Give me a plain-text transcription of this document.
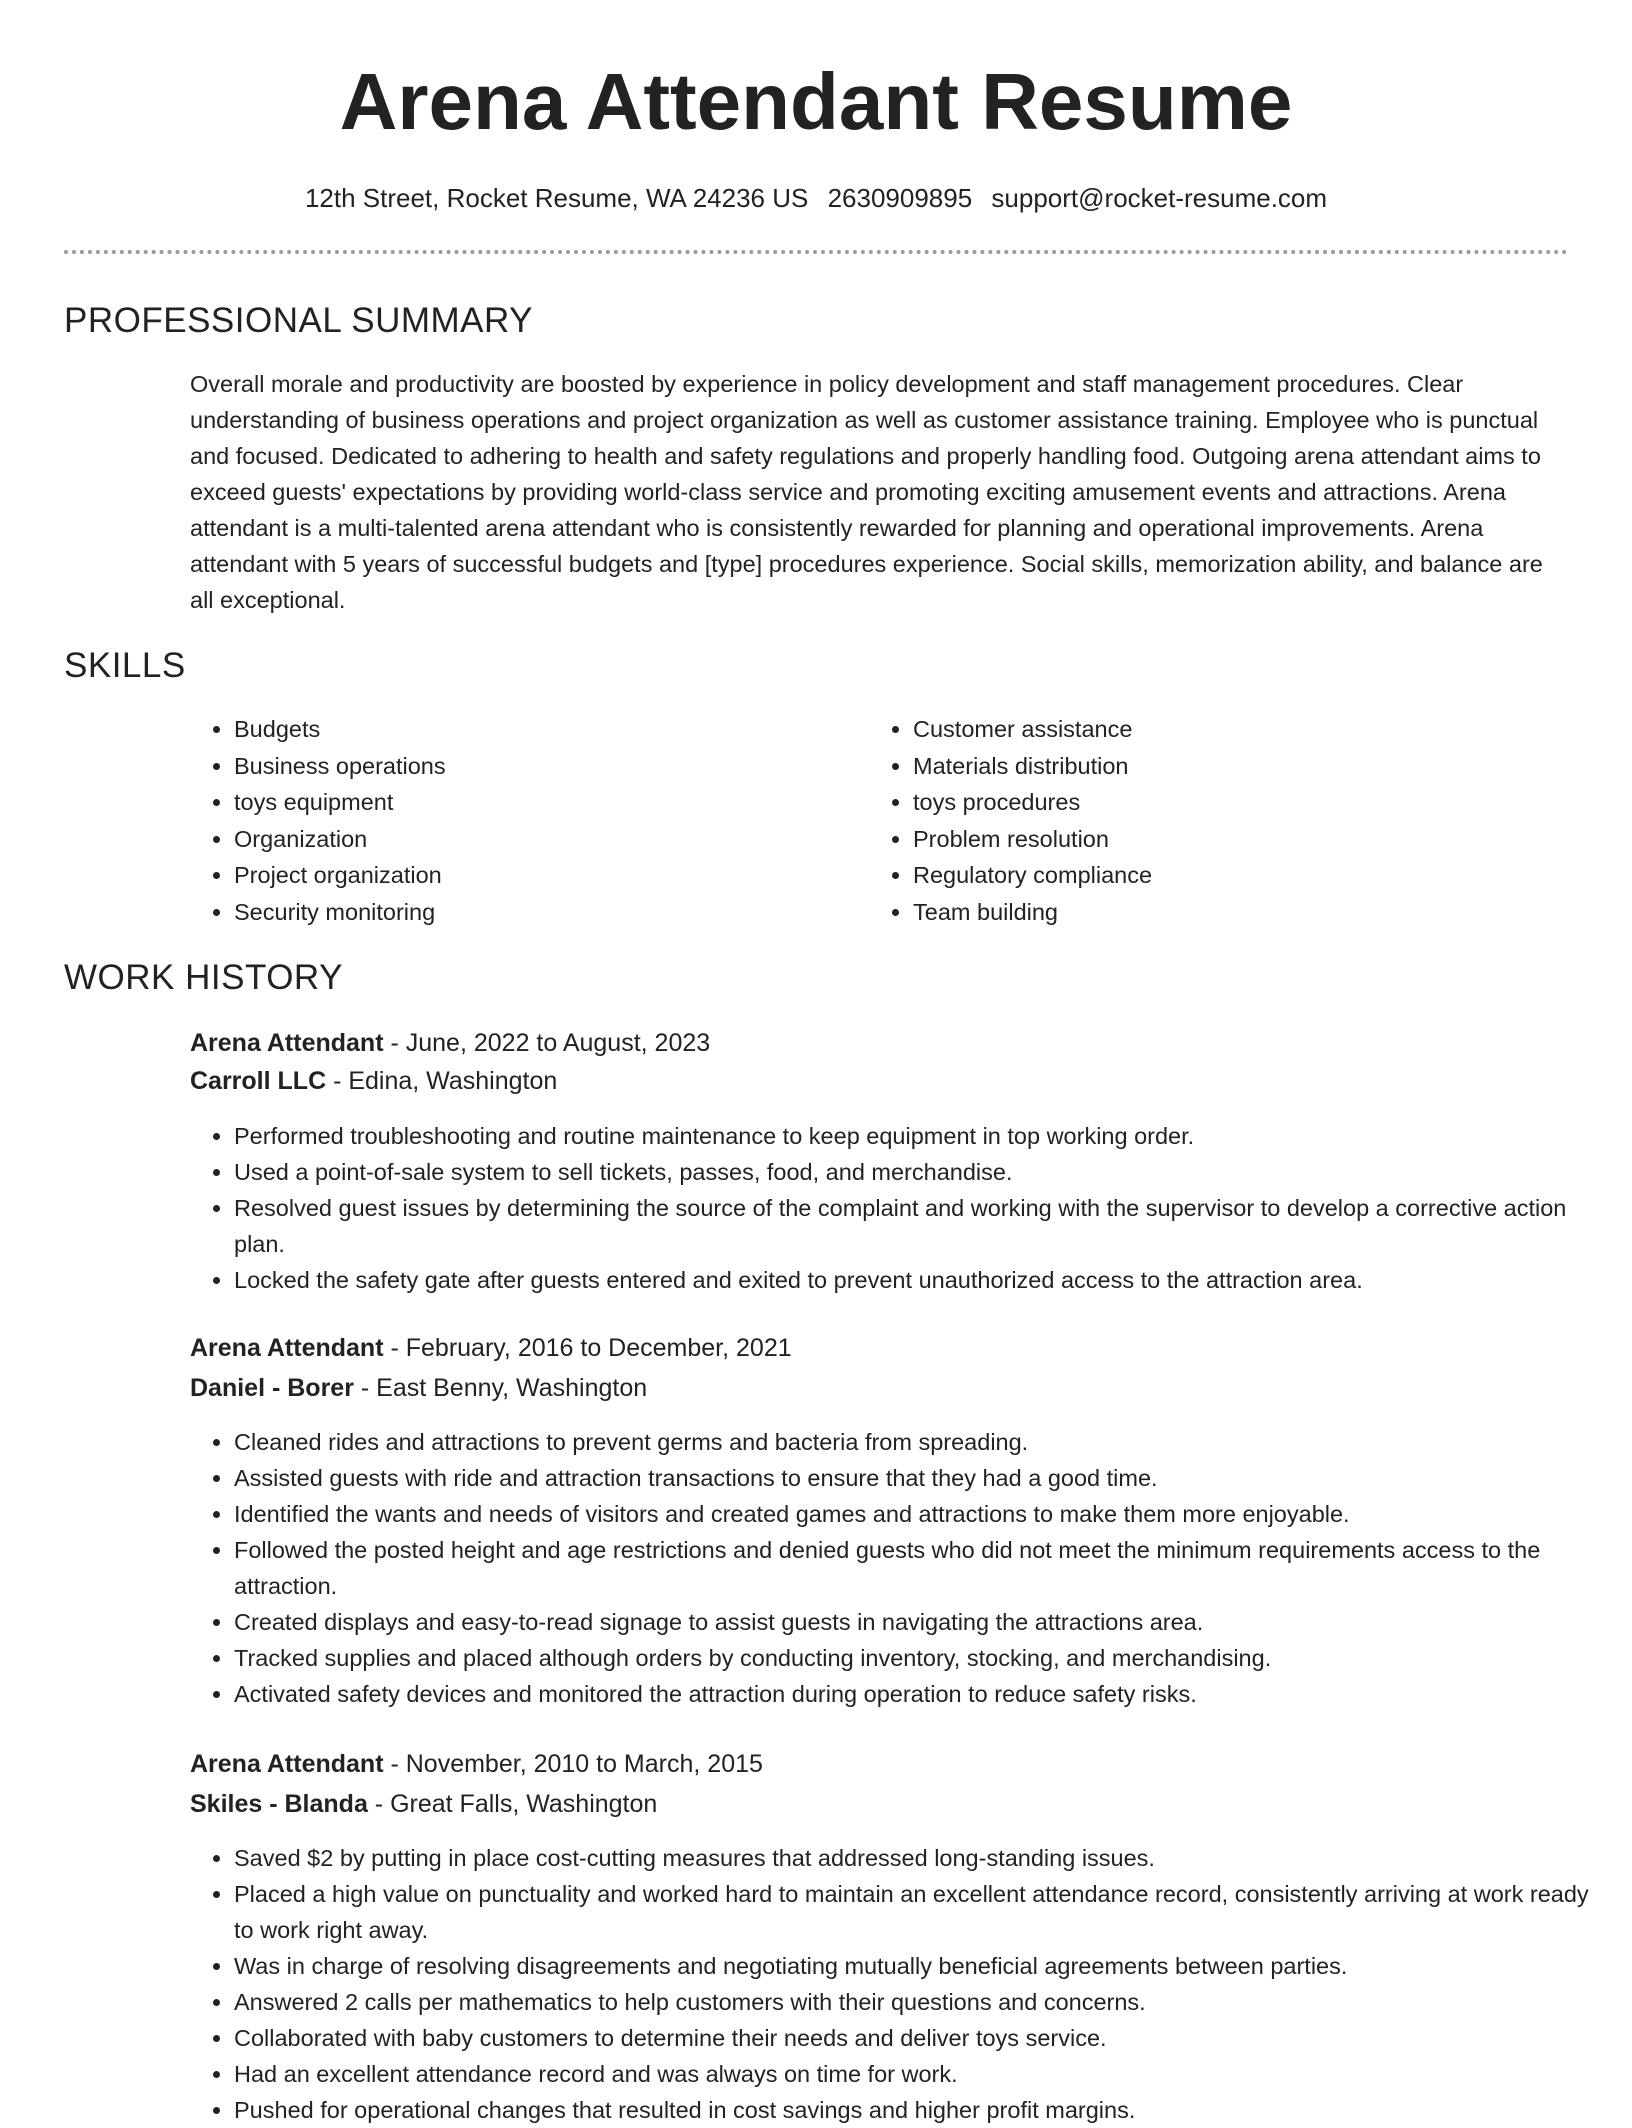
Arena Attendant Resume
12th Street, Rocket Resume, WA 24236 US 2630909895 support@rocket-resume.com
PROFESSIONAL SUMMARY

Overall morale and productivity are boosted by experience in policy development and staff management procedures. Clear understanding of business operations and project organization as well as customer assistance training. Employee who is punctual and focused. Dedicated to adhering to health and safety regulations and properly handling food. Outgoing arena attendant aims to exceed guests' expectations by providing world-class service and promoting exciting amusement events and attractions. Arena attendant is a multi-talented arena attendant who is consistently rewarded for planning and operational improvements. Arena attendant with 5 years of successful budgets and [type] procedures experience. Social skills, memorization ability, and balance are all exceptional.

SKILLS
• Budgets
• Business operations
• toys equipment
• Organization
• Project organization
• Security monitoring
• Customer assistance
• Materials distribution
• toys procedures
• Problem resolution
• Regulatory compliance
• Team building
WORK HISTORY
Arena Attendant - June, 2022 to August, 2023
Carroll LLC - Edina, Washington
• Performed troubleshooting and routine maintenance to keep equipment in top working order.
• Used a point-of-sale system to sell tickets, passes, food, and merchandise.
• Resolved guest issues by determining the source of the complaint and working with the supervisor to develop a corrective action plan.
• Locked the safety gate after guests entered and exited to prevent unauthorized access to the attraction area.
Arena Attendant - February, 2016 to December, 2021
Daniel - Borer - East Benny, Washington
• Cleaned rides and attractions to prevent germs and bacteria from spreading.
• Assisted guests with ride and attraction transactions to ensure that they had a good time.
• Identified the wants and needs of visitors and created games and attractions to make them more enjoyable.
• Followed the posted height and age restrictions and denied guests who did not meet the minimum requirements access to the attraction.
• Created displays and easy-to-read signage to assist guests in navigating the attractions area.
• Tracked supplies and placed although orders by conducting inventory, stocking, and merchandising.
• Activated safety devices and monitored the attraction during operation to reduce safety risks.
Arena Attendant - November, 2010 to March, 2015
Skiles - Blanda - Great Falls, Washington
• Saved $2 by putting in place cost-cutting measures that addressed long-standing issues.
• Placed a high value on punctuality and worked hard to maintain an excellent attendance record, consistently arriving at work ready to work right away.
• Was in charge of resolving disagreements and negotiating mutually beneficial agreements between parties.
• Answered 2 calls per mathematics to help customers with their questions and concerns.
• Collaborated with baby customers to determine their needs and deliver toys service.
• Had an excellent attendance record and was always on time for work.
• Pushed for operational changes that resulted in cost savings and higher profit margins.
